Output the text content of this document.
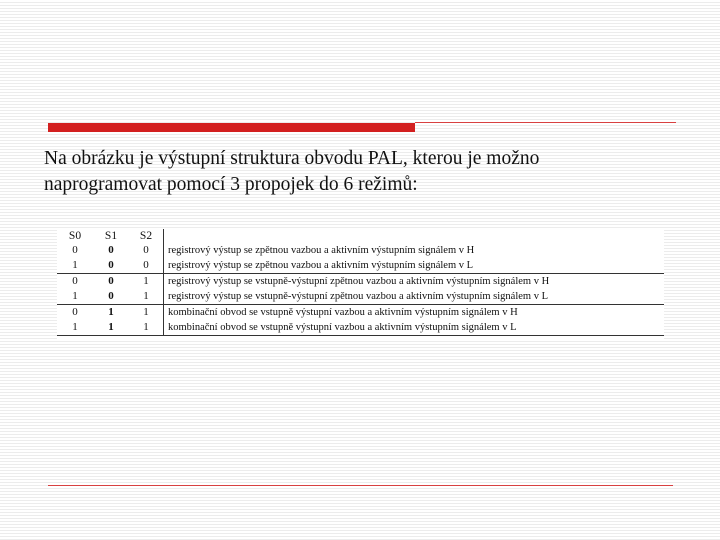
Na obrázku je výstupní struktura obvodu PAL, kterou je možno
naprogramovat pomocí 3 propojek do 6 režimů:

S0	S1	S2	
0	0	0	registrový výstup se zpětnou vazbou a aktivním výstupním signálem v H
1	0	0	registrový výstup se zpětnou vazbou a aktivním výstupním signálem v L
0	0	1	registrový výstup se vstupně-výstupní zpětnou vazbou a aktivním výstupním signálem v H
1	0	1	registrový výstup se vstupně-výstupní zpětnou vazbou a aktivním výstupním signálem v L
0	1	1	kombinační obvod se vstupně výstupní vazbou a aktivním výstupním signálem v H
1	1	1	kombinační obvod se vstupně výstupní vazbou a aktivním výstupním signálem v L
